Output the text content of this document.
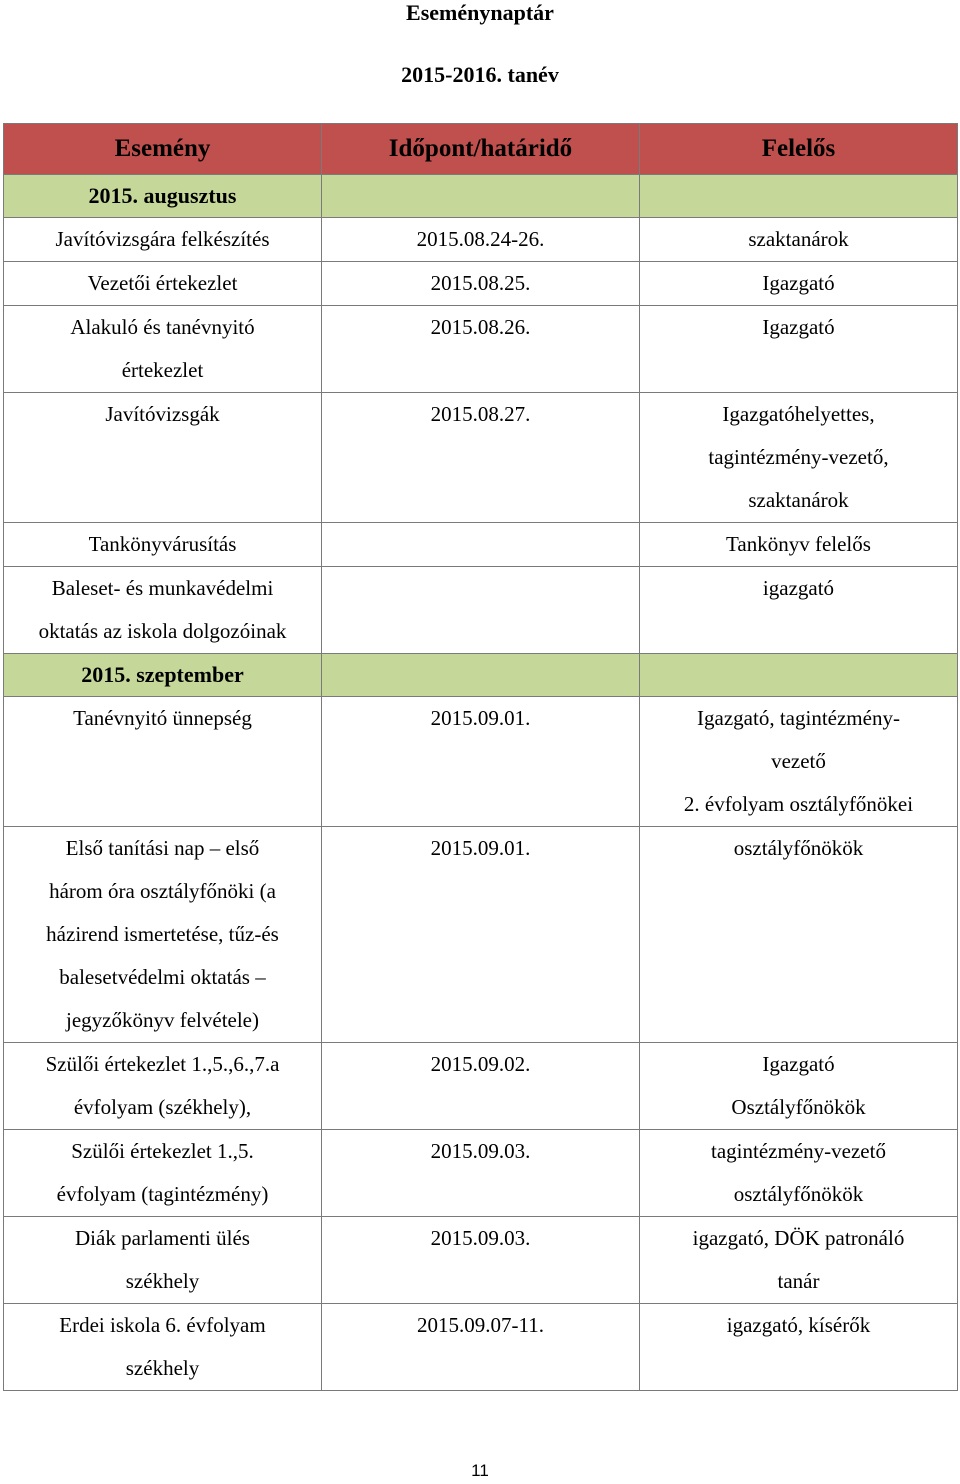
Eseménynaptár
2015-2016. tanév
Esemény	Időpont/határidő	Felelős
2015. augusztus		

Javítóvizsgára felkészítés	2015.08.24-26.	szaktanárok

Vezetői értekezlet	2015.08.25.	Igazgató

Alakuló és tanévnyitó
értekezlet	2015.08.26.	Igazgató

Javítóvizsgák	2015.08.27.	Igazgatóhelyettes,
tagintézmény-vezető,
szaktanárok

Tankönyvárusítás		Tankönyv felelős

Baleset- és munkavédelmi
oktatás az iskola dolgozóinak		igazgató

2015. szeptember		

Tanévnyitó ünnepség	2015.09.01.	Igazgató, tagintézmény-
vezető
2. évfolyam osztályfőnökei

Első tanítási nap – első
három óra osztályfőnöki (a
házirend ismertetése, tűz-és
balesetvédelmi oktatás –
jegyzőkönyv felvétele)	2015.09.01.	osztályfőnökök

Szülői értekezlet 1.,5.,6.,7.a
évfolyam (székhely),	2015.09.02.	Igazgató
Osztályfőnökök

Szülői értekezlet 1.,5.
évfolyam (tagintézmény)	2015.09.03.	tagintézmény-vezető
osztályfőnökök

Diák parlamenti ülés
székhely	2015.09.03.	igazgató, DÖK patronáló
tanár

Erdei iskola 6. évfolyam
székhely	2015.09.07-11.	igazgató, kísérők
11
